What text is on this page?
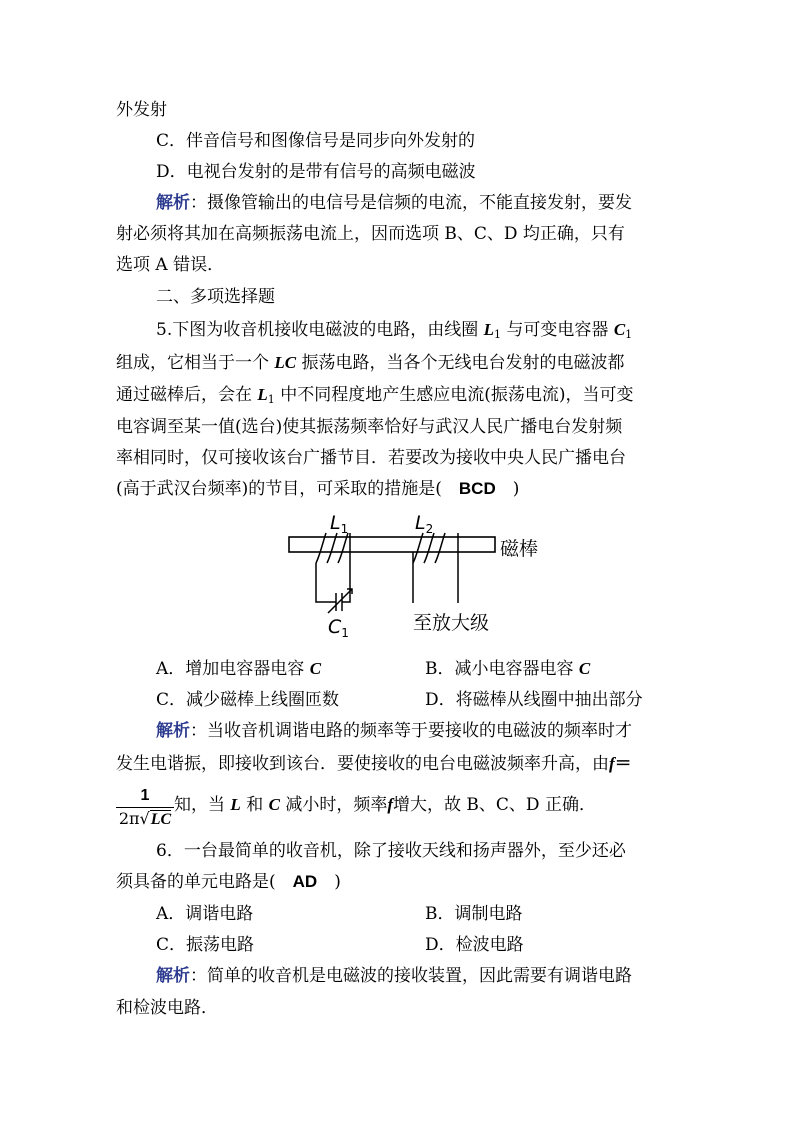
外发射
C．伴音信号和图像信号是同步向外发射的
D．电视台发射的是带有信号的高频电磁波
解析：摄像管输出的电信号是信频的电流，不能直接发射，要发
射必须将其加在高频振荡电流上，因而选项 B、C、D 均正确，只有
选项 A 错误．
二、多项选择题
5.下图为收音机接收电磁波的电路，由线圈 $L_1$ 与可变电容器 $C_1$
组成，它相当于一个 LC 振荡电路，当各个无线电台发射的电磁波都
通过磁棒后，会在 $L_1$ 中不同程度地产生感应电流(振荡电流)，当可变
电容调至某一值(选台)使其振荡频率恰好与武汉人民广播电台发射频
率相同时，仅可接收该台广播节目．若要改为接收中央人民广播电台
(高于武汉台频率)的节目，可采取的措施是(　BCD　)
$L_1$	$L_2$
磁棒
$C_1$	至放大级
A．增加电容器电容 C	B．减小电容器电容 C
C．减少磁棒上线圈匝数	D．将磁棒从线圈中抽出部分
解析：当收音机调谐电路的频率等于要接收的电磁波的频率时才
发生电谐振，即接收到该台．要使接收的电台电磁波频率升高，由f＝
1
2π√LC
知，当 L 和 C 减小时，频率f增大，故 B、C、D 正确．
6．一台最简单的收音机，除了接收天线和扬声器外，至少还必
须具备的单元电路是(　AD　)
A．调谐电路	B．调制电路
C．振荡电路	D．检波电路
解析：简单的收音机是电磁波的接收装置，因此需要有调谐电路
和检波电路．
